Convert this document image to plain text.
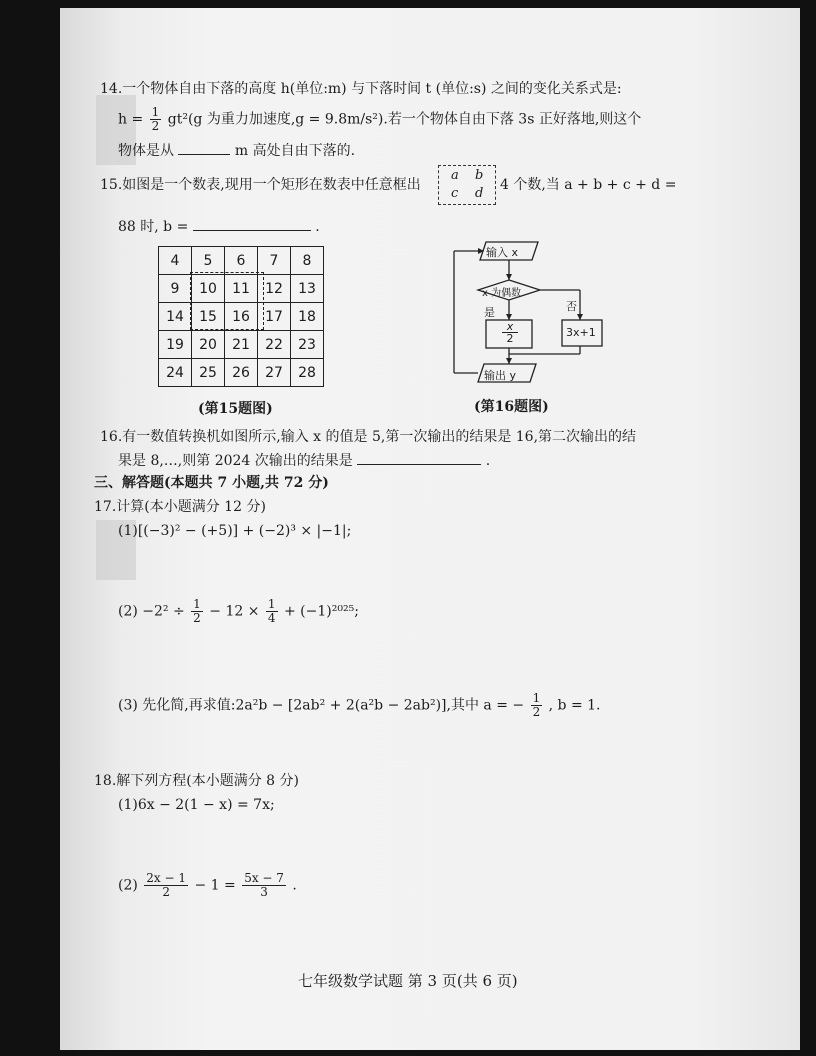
14.一个物体自由下落的高度 h(单位:m) 与下落时间 t (单位:s) 之间的变化关系式是:
$h = \frac{1}{2} gt^2(g$ 为重力加速度,g = 9.8m/s²).若一个物体自由下落 3s 正好落地,则这个
物体是从	m 高处自由下落的.
15.如图是一个数表,现用一个矩形在数表中任意框出
a b
c d
4 个数,当 a + b + c + d =
88 时, b =	.
4	5	6	7	8
9	10	11	12	13
14	15	16	17	18
19	20	21	22	23
24	25	26	27	28
(第15题图)
输入 x
x 为偶数
是	否
x
2	3x+1
输出 y
(第16题图)
16.有一数值转换机如图所示,输入 x 的值是 5,第一次输出的结果是 16,第二次输出的结
果是 8,…,则第 2024 次输出的结果是	.
三、解答题(本题共 7 小题,共 72 分)
17.计算(本小题满分 12 分)
(1)[(−3)² − (+5)] + (−2)³ × |−1|;
$(2) -2^2 \div \frac{1}{2} - 12 \times \frac{1}{4} + (-1)^{2025}$;
(3) 先化简,再求值:2a²b − [2ab² + 2(a²b − 2ab²)],其中 a = − $\frac{1}{2}$ , b = 1.
18.解下列方程(本小题满分 8 分)
(1)6x − 2(1 − x) = 7x;
$(2) \frac{2x - 1}{2} - 1 = \frac{5x - 7}{3}$ .
七年级数学试题 第 3 页(共 6 页)
